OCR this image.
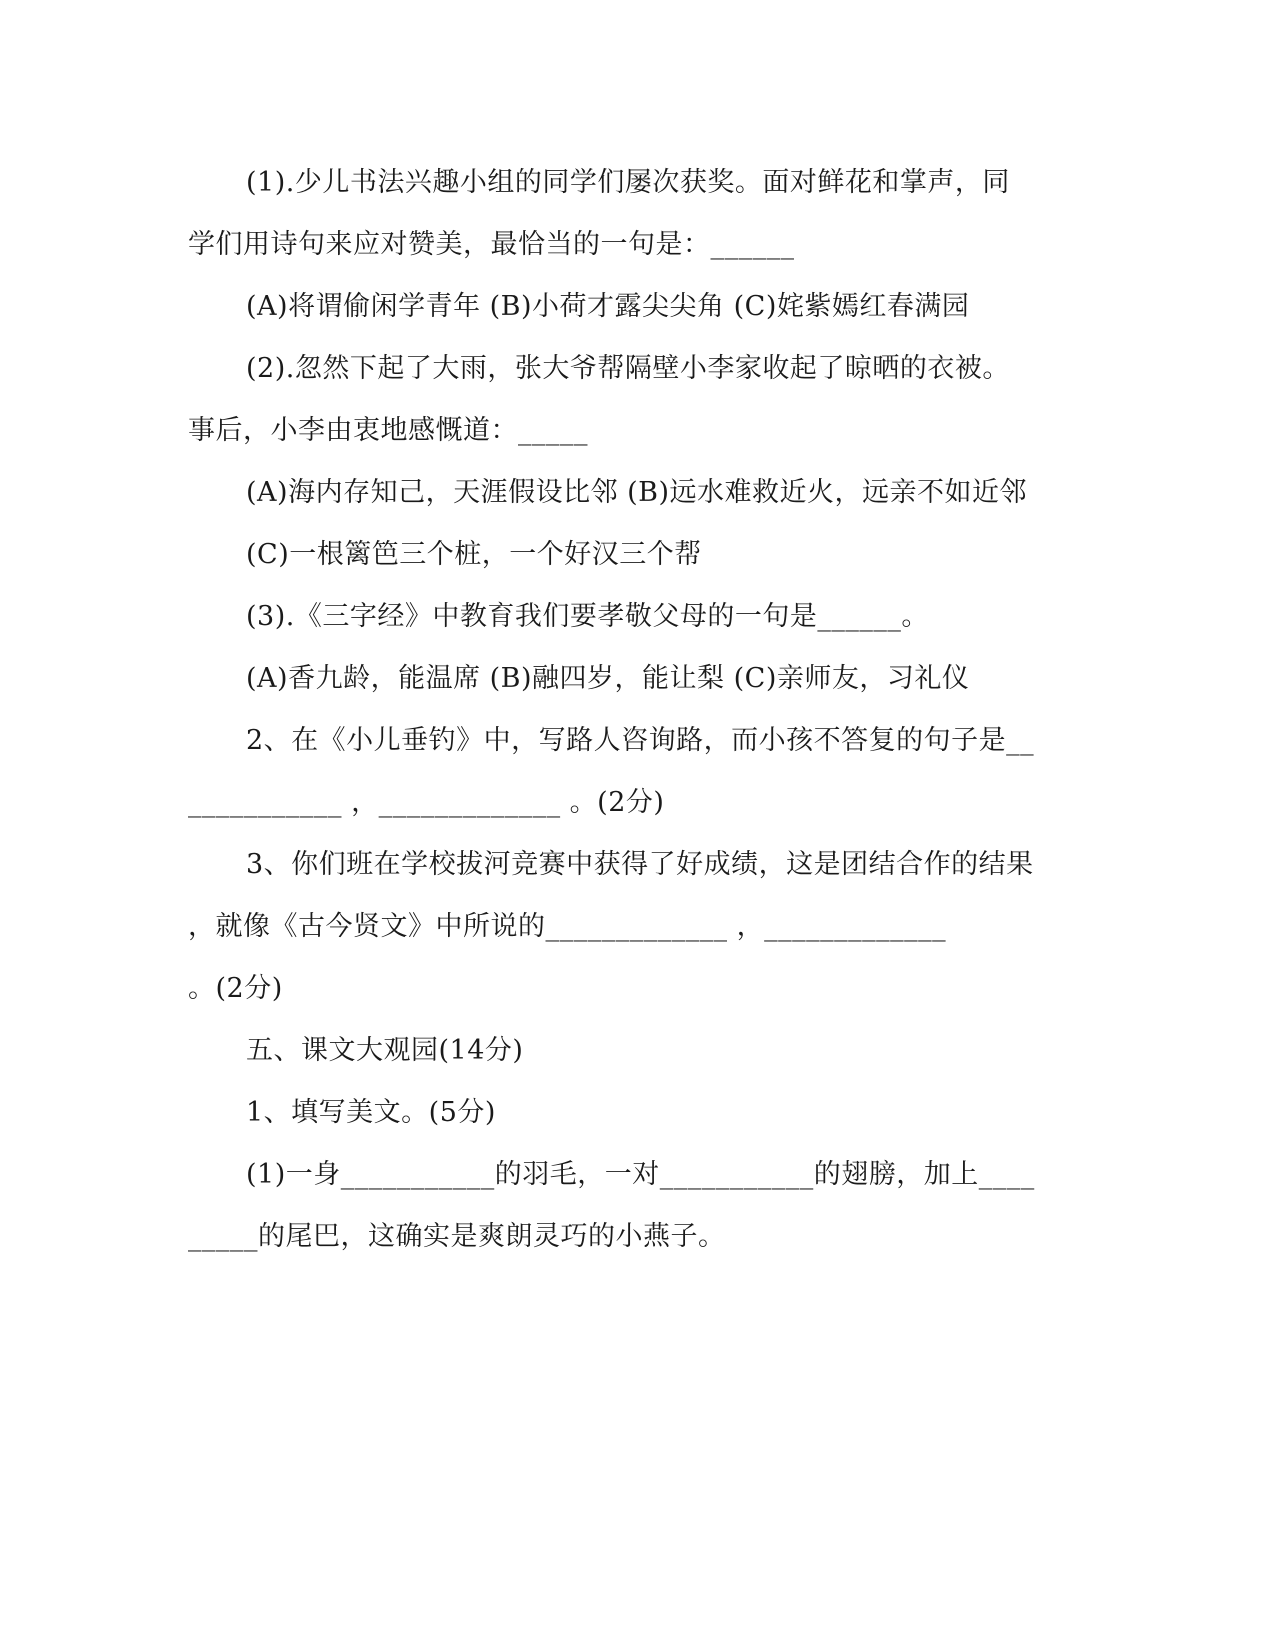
(1).少儿书法兴趣小组的同学们屡次获奖。面对鲜花和掌声，同
学们用诗句来应对赞美，最恰当的一句是：______
(A)将谓偷闲学青年 (B)小荷才露尖尖角 (C)姹紫嫣红春满园
(2).忽然下起了大雨，张大爷帮隔壁小李家收起了晾晒的衣被。
事后，小李由衷地感慨道：_____
(A)海内存知己，天涯假设比邻 (B)远水难救近火，远亲不如近邻
(C)一根篱笆三个桩，一个好汉三个帮
(3).《三字经》中教育我们要孝敬父母的一句是______。
(A)香九龄，能温席 (B)融四岁，能让梨 (C)亲师友，习礼仪
2、在《小儿垂钓》中，写路人咨询路，而小孩不答复的句子是__
___________ ，_____________ 。(2分)
3、你们班在学校拔河竞赛中获得了好成绩，这是团结合作的结果
，就像《古今贤文》中所说的_____________ ，_____________
。(2分)
五、课文大观园(14分)
1、填写美文。(5分)
(1)一身___________的羽毛，一对___________的翅膀，加上____
_____的尾巴，这确实是爽朗灵巧的小燕子。
